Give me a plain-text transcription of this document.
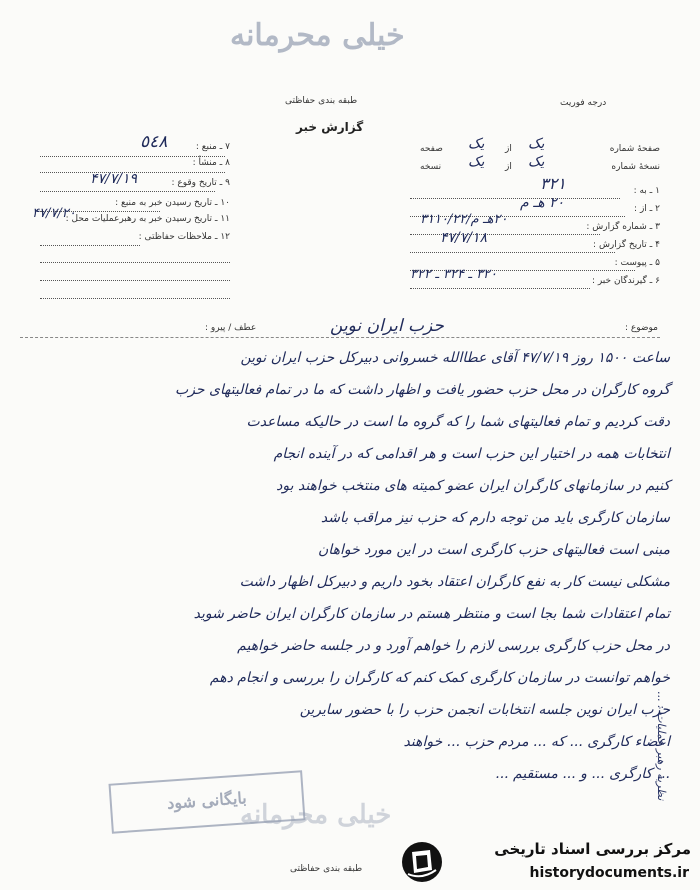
خیلی محرمانه
طبقه بندی حفاظتی	درجه فوریت
گزارش خبر
۷ ـ منبع :
٥٤٨
۸ ـ منشأ :
۹ ـ تاریخ وقوع :
۴۷/۷/۱۹
۱۰ ـ تاریخ رسیدن خبر به منبع :
۱۱ ـ تاریخ رسیدن خبر به رهبرعملیات محل :
۴۷/۷/۲۰
۱۲ ـ ملاحظات حفاظتی :
صفحهٔ شماره
یک
از
یک
صفحه
نسخهٔ شماره
یک
از
یک
نسخه
۱ ـ به :
۳۲۱
۲ ـ از :
۲۰ هـ م
۳ ـ شماره گزارش :
۲۰هـ م/۳۱۱۰/۲۲
۴ ـ تاریخ گزارش :
۴۷/۷/۱۸
۵ ـ پیوست :
۶ ـ گیرندگان خبر :
۳۲۰ ـ ۳۲۴ ـ ۳۲۲
عطف / پیرو :	موضوع :
حزب ایران نوین
ساعت ۱۵۰۰ روز ۴۷/۷/۱۹ آقای عطاالله خسروانی دبیرکل حزب ایران نوین
گروه کارگران در محل حزب حضور یافت و اظهار داشت که ما در تمام فعالیتهای حزب
دقت کردیم و تمام فعالیتهای شما را که گروه ما است در حالیکه مساعدت
انتخابات همه در اختیار این حزب است و هر اقدامی که در آینده انجام
کنیم در سازمانهای کارگران ایران عضو کمیته های منتخب خواهند بود
سازمان کارگری باید من توجه دارم که حزب نیز مراقب باشد
مبنی است فعالیتهای حزب کارگری است در این مورد خواهان
مشکلی نیست کار به نفع کارگران اعتقاد بخود داریم و دبیرکل اظهار داشت
تمام اعتقادات شما بجا است و منتظر هستم در سازمان کارگران ایران حاضر شوید
در محل حزب کارگری بررسی لازم را خواهم آورد و در جلسه حاضر خواهیم
خواهم توانست در سازمان کارگری کمک کنم که کارگران را بررسی و انجام دهم
حزب ایران نوین جلسه انتخابات انجمن حزب را با حضور سایرین
اعضاء کارگری ... که ... مردم حزب ... خواهند
... کارگری ... و ... مستقیم ...
نظریه رهبر عملیات : ...
بایگانی شود
خیلی محرمانه
طبقه بندی حفاظتی
مرکز بررسی اسناد تاریخی
historydocuments.ir
